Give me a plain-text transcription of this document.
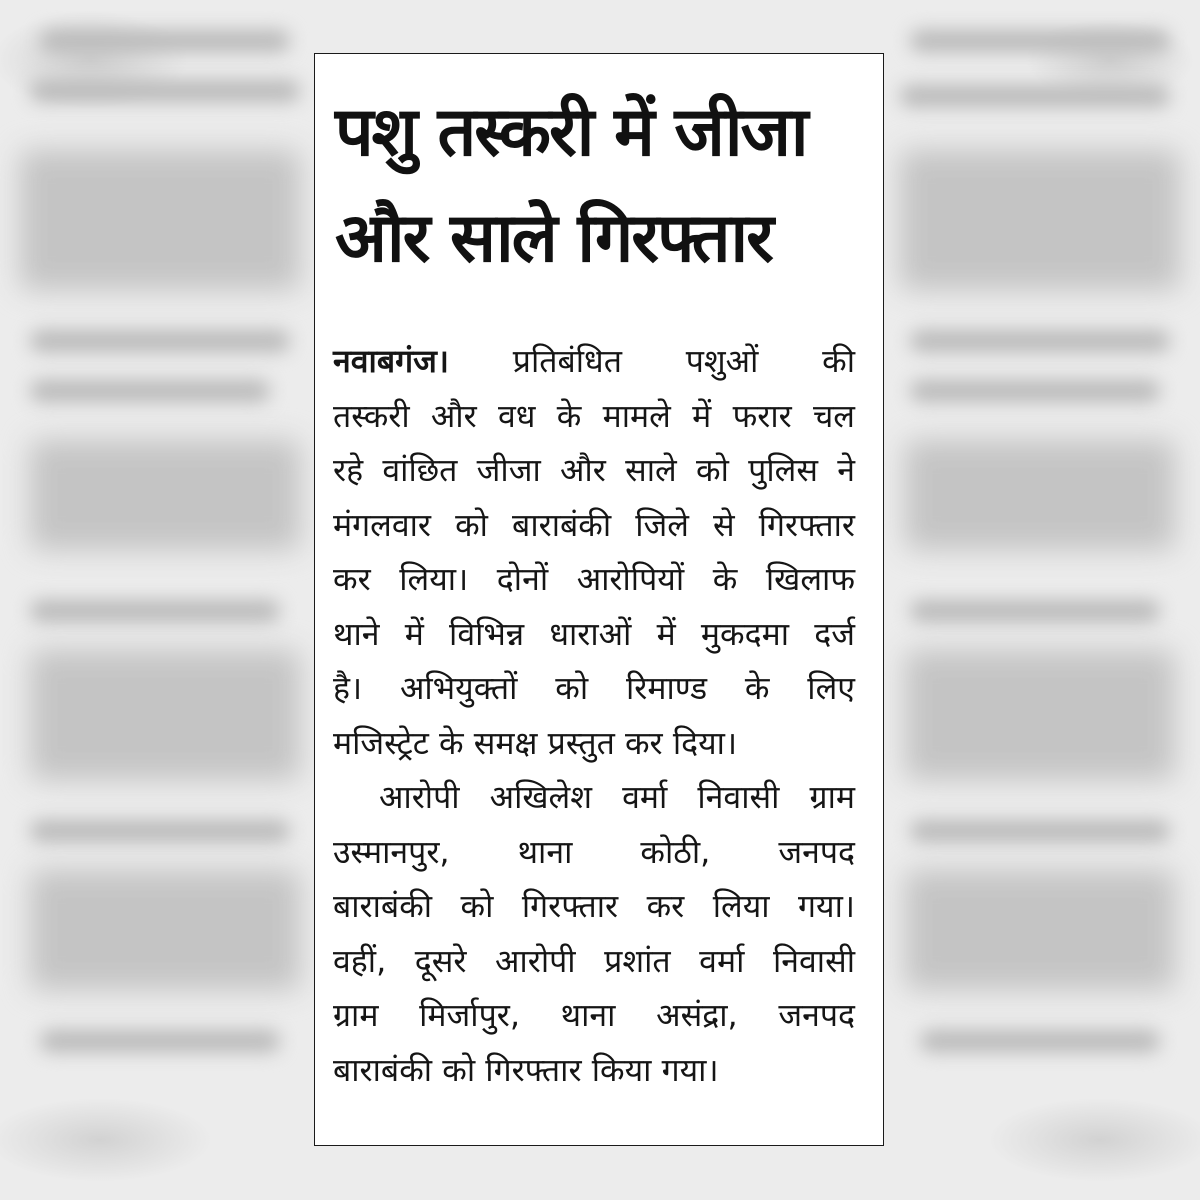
पशु तस्करी में जीजा
और साले गिरफ्तार
नवाबगंज। प्रतिबंधित पशुओं की
तस्करी और वध के मामले में फरार चल
रहे वांछित जीजा और साले को पुलिस ने
मंगलवार को बाराबंकी जिले से गिरफ्तार
कर लिया। दोनों आरोपियों के खिलाफ
थाने में विभिन्न धाराओं में मुकदमा दर्ज
है। अभियुक्तों को रिमाण्ड के लिए
मजिस्ट्रेट के समक्ष प्रस्तुत कर दिया।
आरोपी अखिलेश वर्मा निवासी ग्राम
उस्मानपुर, थाना कोठी, जनपद
बाराबंकी को गिरफ्तार कर लिया गया।
वहीं, दूसरे आरोपी प्रशांत वर्मा निवासी
ग्राम मिर्जापुर, थाना असंद्रा, जनपद
बाराबंकी को गिरफ्तार किया गया।
